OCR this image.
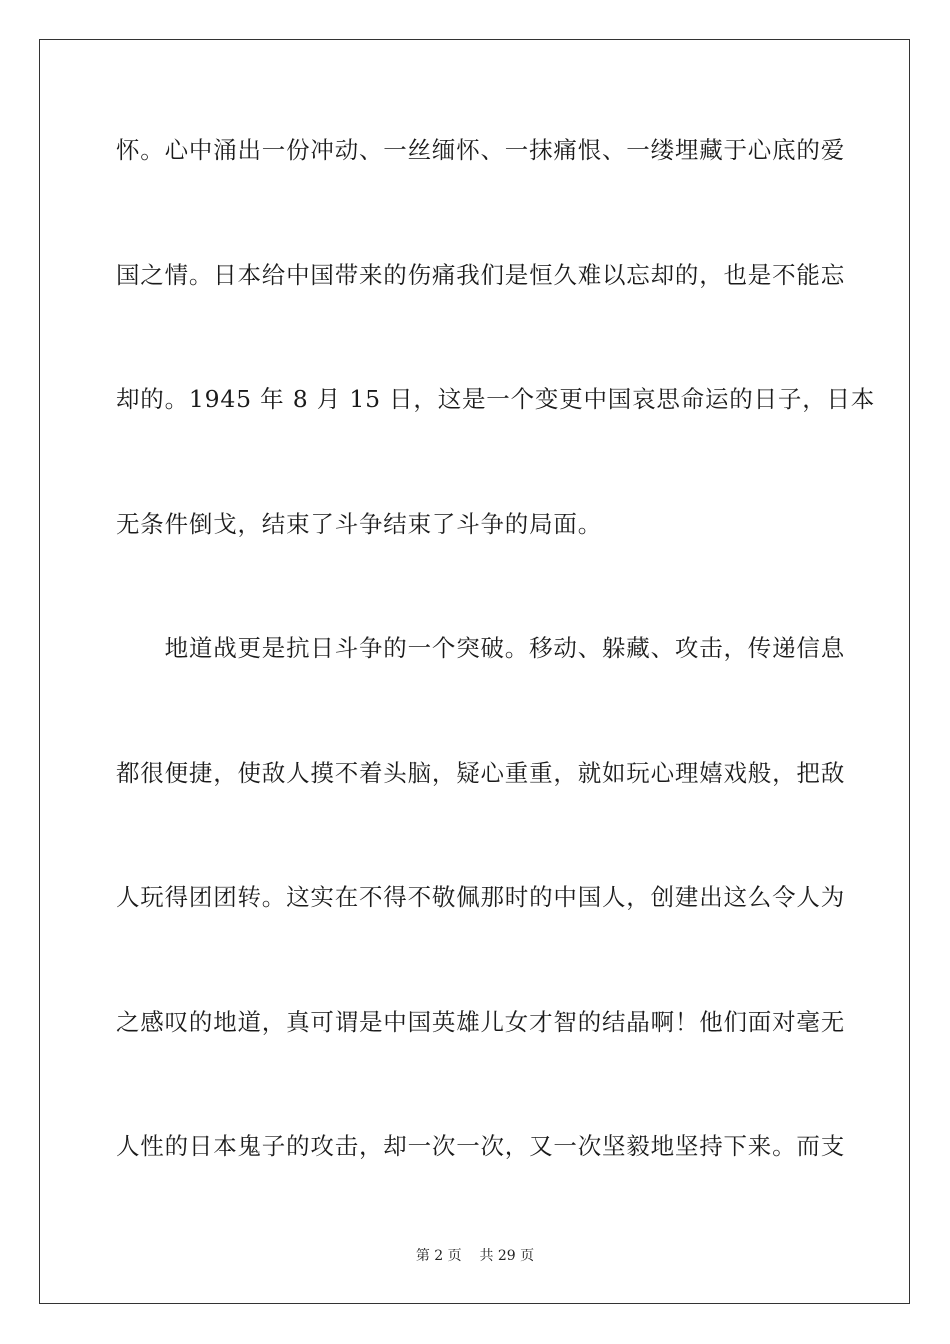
怀。心中涌出一份冲动、一丝缅怀、一抹痛恨、一缕埋藏于心底的爱
国之情。日本给中国带来的伤痛我们是恒久难以忘却的，也是不能忘
却的。1945 年 8 月 15 日，这是一个变更中国哀思命运的日子，日本
无条件倒戈，结束了斗争结束了斗争的局面。
　　地道战更是抗日斗争的一个突破。移动、躲藏、攻击，传递信息
都很便捷，使敌人摸不着头脑，疑心重重，就如玩心理嬉戏般，把敌
人玩得团团转。这实在不得不敬佩那时的中国人，创建出这么令人为
之感叹的地道，真可谓是中国英雄儿女才智的结晶啊！他们面对毫无
人性的日本鬼子的攻击，却一次一次，又一次坚毅地坚持下来。而支
第 2 页 共 29 页
